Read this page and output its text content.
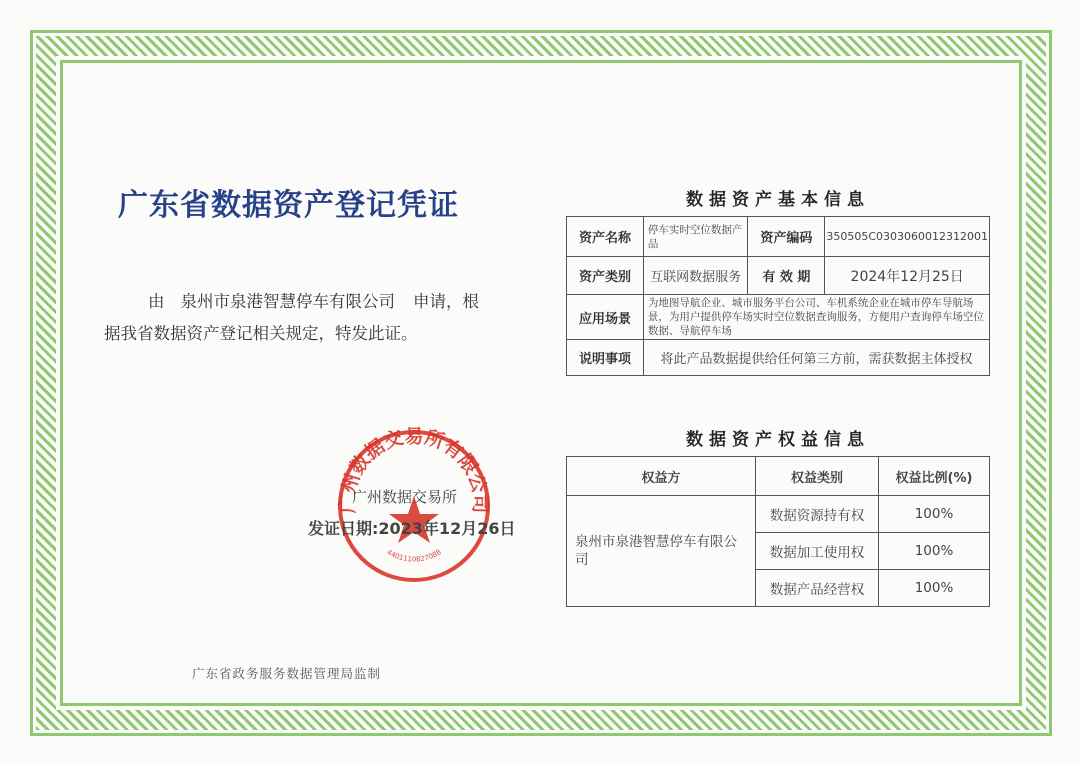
广东省数据资产登记凭证
由 泉州市泉港智慧停车有限公司 申请，根
据我省数据资产登记相关规定，特发此证。
数据资产基本信息
资产名称	停车实时空位数据产品	资产编码	350505C0303060012312001
资产类别	互联网数据服务	有 效 期	2024年12月25日
应用场景	为地图导航企业、城市服务平台公司、车机系统企业在城市停车导航场景，为用户提供停车场实时空位数据查询服务，方便用户查询停车场空位数据、导航停车场		
说明事项	将此产品数据提供给任何第三方前，需获数据主体授权		
数据资产权益信息
权益方	权益类别	权益比例(%)
泉州市泉港智慧停车有限公司	数据资源持有权	100%
	数据加工使用权	100%
	数据产品经营权	100%
广州数据交易所有限公司
4401110827088
广州数据交易所
发证日期:2023年12月26日
广东省政务服务数据管理局监制
